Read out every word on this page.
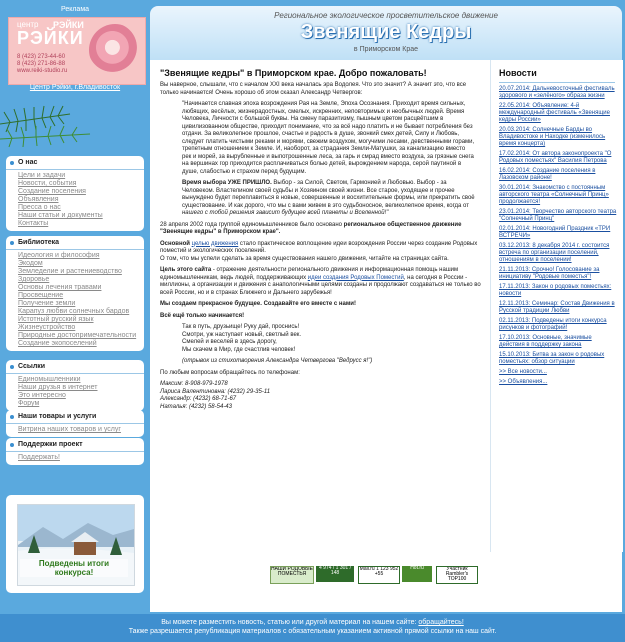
Реклама
центр РЭЙКИ
РЭЙКИ
8 (423) 273-44-60
8 (423) 271-86-88
www.reiki-studio.ru
Центр Рэйки, г.Владивосток
О нас
Цели и задачи
Новости, события
Создание поселения
Объявления
Пресса о нас
Наши статьи и документы
Контакты
Библиотека
Идеология и философия
Экодом
Земледелие и растениеводство
Здоровье
Основы лечения травами
Просвещение
Получение земли
Карапуз любви солнечных бардов
Истотный русский язык
Жизнеустройство
Природные достопримечательности
Создание экопоселений
Ссылки
Единомышленники
Наши друзья в интернет
Это интересно
Форум
Наши товары и услуги
Витрина наших товаров и услуг
Поддержки проект
Поддержать!
Подведены итоги конкурса!
Региональное экологическое просветительское движение
Звенящие Кедры
в Приморском Крае
"Звенящие кедры" в Приморском крае. Добро пожаловать!

Вы наверное, слышали, что с началом XXI века началась эра Водолея. Что это значит? А значит это, что все только начинается! Очень хорошо об этом сказал Александр Четвергов:

"Начинается славная эпоха возрождения Рая на Земле, Эпоха Осознания. Приходит время сильных, любящих, весёлых, жизнерадостных, смелых, искренних, неповторимых и необычных людей. Время Человека, Личности с большой буквы. На смену паразитизму, пышным цветом расцвётшим в цивилизованном обществе, приходит понимание, что за всё надо платить и не бывает потребления без отдачи. За великолепное прошлое, счастье и радость в душе, звонкий смех детей, Силу и Любовь, следует платить чистыми реками и морями, свежим воздухом, могучими лесами, девственными горами, трепетным отношением к Земле. И, наоборот, за страдания Земли-Матушки, за канализацию вместо рек и морей, за вырубленные и выпотрошенные леса, за гарь и смрад вместо воздуха, за грязные снега на вершинах гор приходится расплачиваться болью детей, вырождением народа, серой паутиной в душе, слабостью и страхом перед будущим.

Время выбора УЖЕ ПРИШЛО. Выбор - за Силой, Светом, Гармонией и Любовью. Выбор - за Человеком. Властелином своей судьбы и Хозяином своей жизни. Все старое, уходящее и прочее вынуждено будет переплавиться в новые, совершенные и восхитительные формы, или прекратить своё существование. И как дорого, что мы с вами живем в это судьбоносное, великолепное время, когда от нашего с тобой решения зависит будущее всей планеты и Вселенной!"

28 апреля 2002 года группой единомышленников было основано региональное общественное движение "Звенящие кедры" в Приморском крае".

Основной целью движения стало практическое воплощение идеи возрождения России через создание Родовых поместий и экологических поселений.
О том, что мы успели сделать за время существования нашего движения, читайте на страницах сайта.

Цель этого сайта - отражение деятельности регионального движения и информационная помощь нашим единомышленникам, ведь людей, поддерживающих идеи создания Родовых Поместий, на сегодня в России - миллионы, а организации и движения с анапологичными целями созданы и продолжают создаваться не только во всей России, но и в странах Ближнего и Дальнего зарубежья!

Мы создаем прекрасное будущее. Создавайте его вместе с нами!

Всё ещё только начинается!

Так в путь, друзьище! Руку дай, проснись!
Смотри, уж наступает новый, светлый век.
Смелей и веселей в здесь дорогу,
Мы скачем в Мир, где счастлив человек!
(отрывок из стихотворения Александра Четвергова "Ведрусс я!")

По любым вопросам обращайтесь по телефонам:

Максим: 8-908-979-1978
Лариса Валентиновна: (4232) 29-35-11
Александр: (4232) 68-71-67
Наталья: (4232) 58-54-43
Новости
20.07.2014: Дальневосточный фестиваль здорового и «зелёного» образа жизни
22.05.2014: Объявление: 4-й международный фестиваль «Звенящие кедры России»
20.03.2014: Солнечные Барды во Владивостоке и Находке (изменилось время концерта)
17.02.2014: От автора законопроекта "О Родовых поместьях" Василия Петрова
16.02.2014: Создание поселения в Лазовском районе!
30.01.2014: Знакомство с постоянным авторского театра «Солнечный Принц» продолжается!
23.01.2014: Творчество авторского театра "Солнечный Принц"
02.01.2014: Новогодний Праздник «ТРИ ВСТРЕЧИ»
03.12.2013: 8 декабря 2014 г. состоится встреча по организации поселений, отношениям в поселении!
21.11.2013: Срочно! Голосование за инициативу "Родовые поместья"!
17.11.2013: Закон о родовых поместьях: новости
12.11.2013: Семинар: Состав Движения в Русской традиции Любви
02.11.2013: Подведены итоги конкурса рисунков и фотографий!
17.10.2013: Основные, значимые действия в поддержку закона
15.10.2013: Битва за закон о родовых поместьях: обзор ситуации
>> Все новости...
>> Объявления...
НАШИ РОДОВЫЕ ПОМЕСТЬЯ
4 974 / 1 301 / 148
Mail.ru 1 123 952 +55
Hot.ru	Участник Rambler's TOP100
© 2002-2013 Звенящие кедры в Приморском крае
Создание и поддержка сайта: Александр Журавлёв
Вы можете разместить новость, статью или другой материал на нашем сайте: обращайтесь!
Также разрешается републикация материалов с обязательным указанием активной прямой ссылки на наш сайт.
